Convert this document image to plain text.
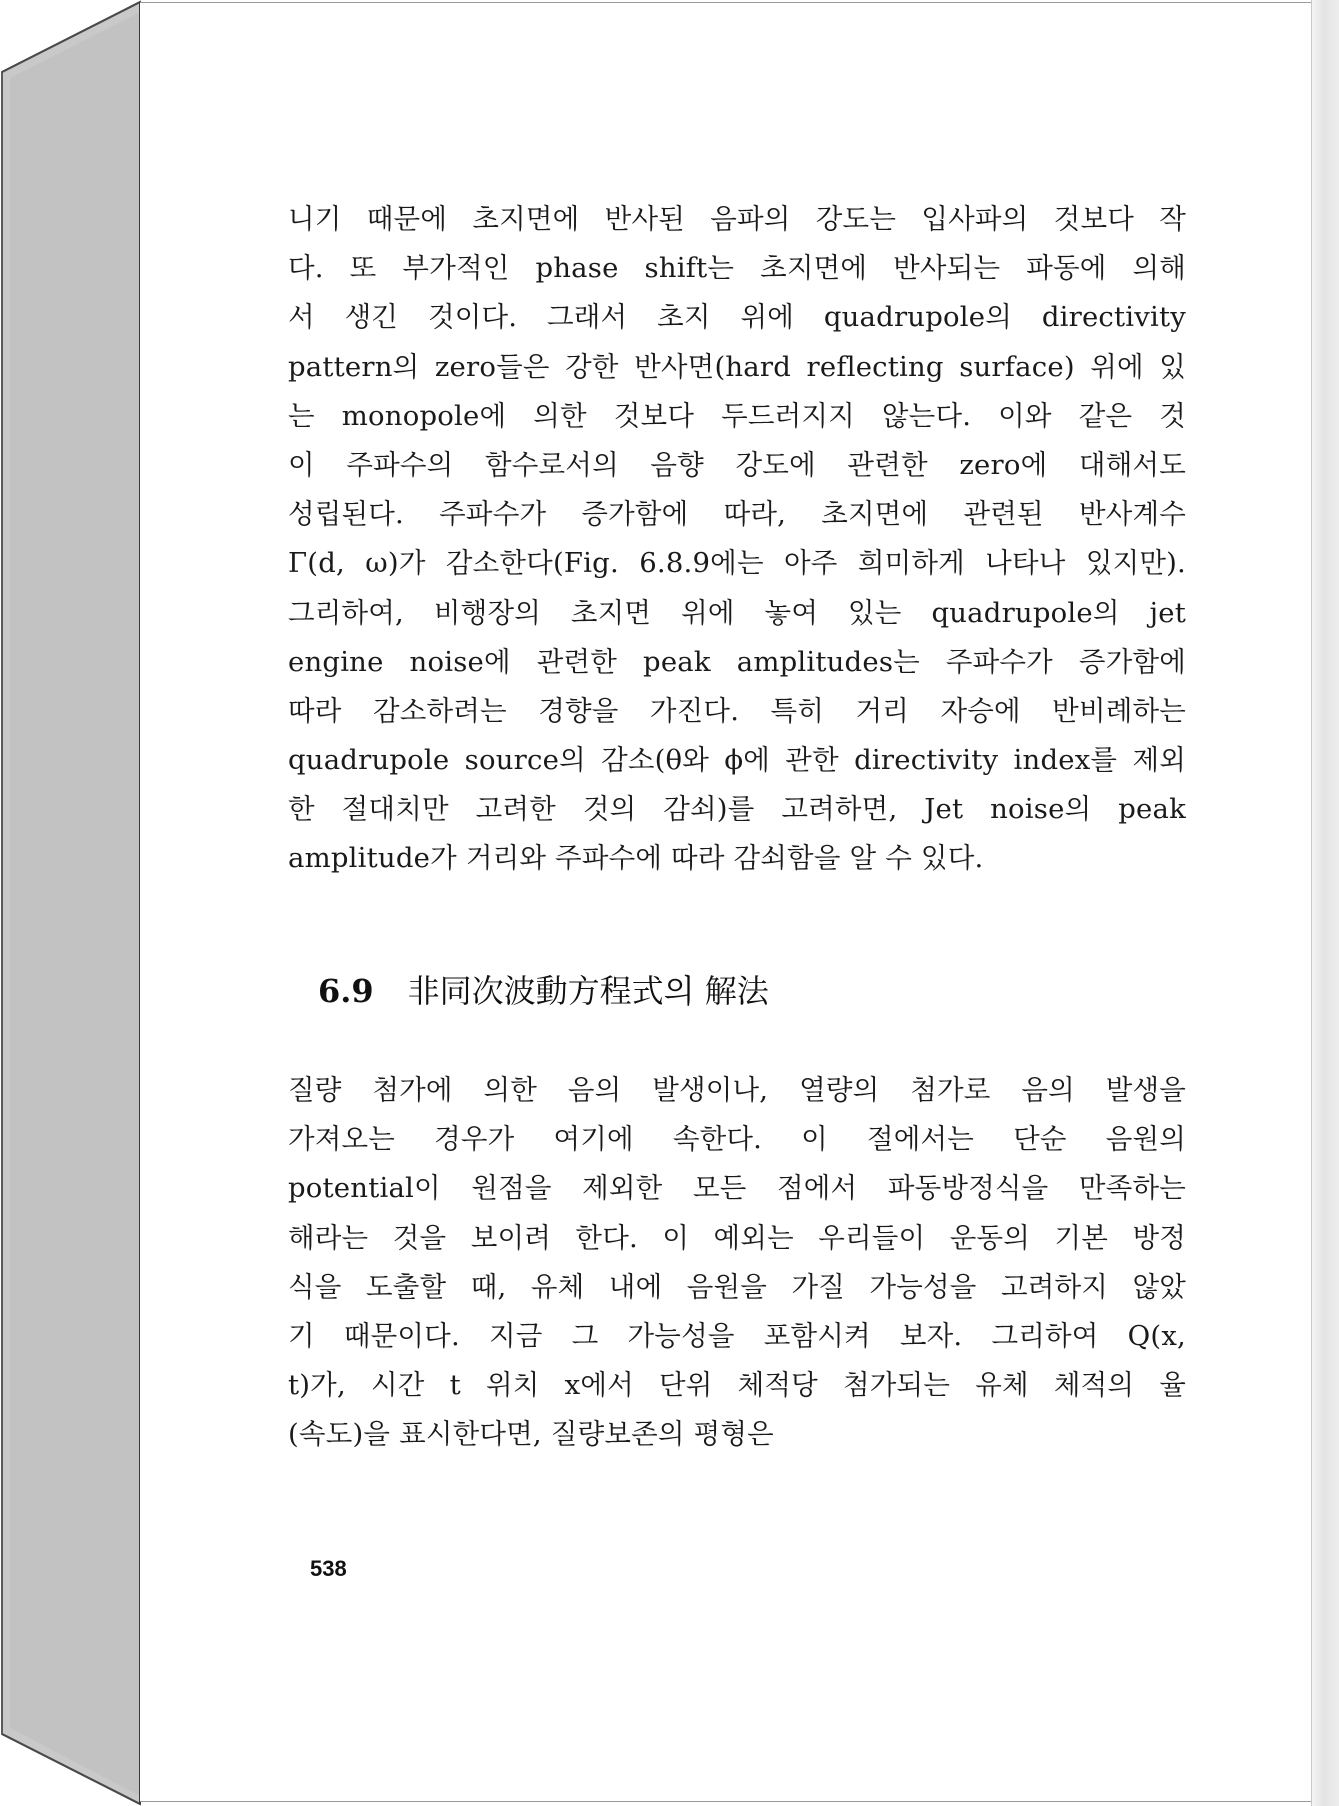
니기 때문에 초지면에 반사된 음파의 강도는 입사파의 것보다 작
다. 또 부가적인 phase shift는 초지면에 반사되는 파동에 의해
서 생긴 것이다. 그래서 초지 위에 quadrupole의 directivity
pattern의 zero들은 강한 반사면(hard reflecting surface) 위에 있
는 monopole에 의한 것보다 두드러지지 않는다. 이와 같은 것
이 주파수의 함수로서의 음향 강도에 관련한 zero에 대해서도
성립된다. 주파수가 증가함에 따라, 초지면에 관련된 반사계수
Γ(d, ω)가 감소한다(Fig. 6.8.9에는 아주 희미하게 나타나 있지만).
그리하여, 비행장의 초지면 위에 놓여 있는 quadrupole의 jet
engine noise에 관련한 peak amplitudes는 주파수가 증가함에
따라 감소하려는 경향을 가진다. 특히 거리 자승에 반비례하는
quadrupole source의 감소(θ와 ϕ에 관한 directivity index를 제외
한 절대치만 고려한 것의 감쇠)를 고려하면, Jet noise의 peak
amplitude가 거리와 주파수에 따라 감쇠함을 알 수 있다.

6.9 非同次波動方程式의 解法

질량 첨가에 의한 음의 발생이나, 열량의 첨가로 음의 발생을
가져오는 경우가 여기에 속한다. 이 절에서는 단순 음원의
potential이 원점을 제외한 모든 점에서 파동방정식을 만족하는
해라는 것을 보이려 한다. 이 예외는 우리들이 운동의 기본 방정
식을 도출할 때, 유체 내에 음원을 가질 가능성을 고려하지 않았
기 때문이다. 지금 그 가능성을 포함시켜 보자. 그리하여 Q(x,
t)가, 시간 t 위치 x에서 단위 체적당 첨가되는 유체 체적의 율
(속도)을 표시한다면, 질량보존의 평형은

538
